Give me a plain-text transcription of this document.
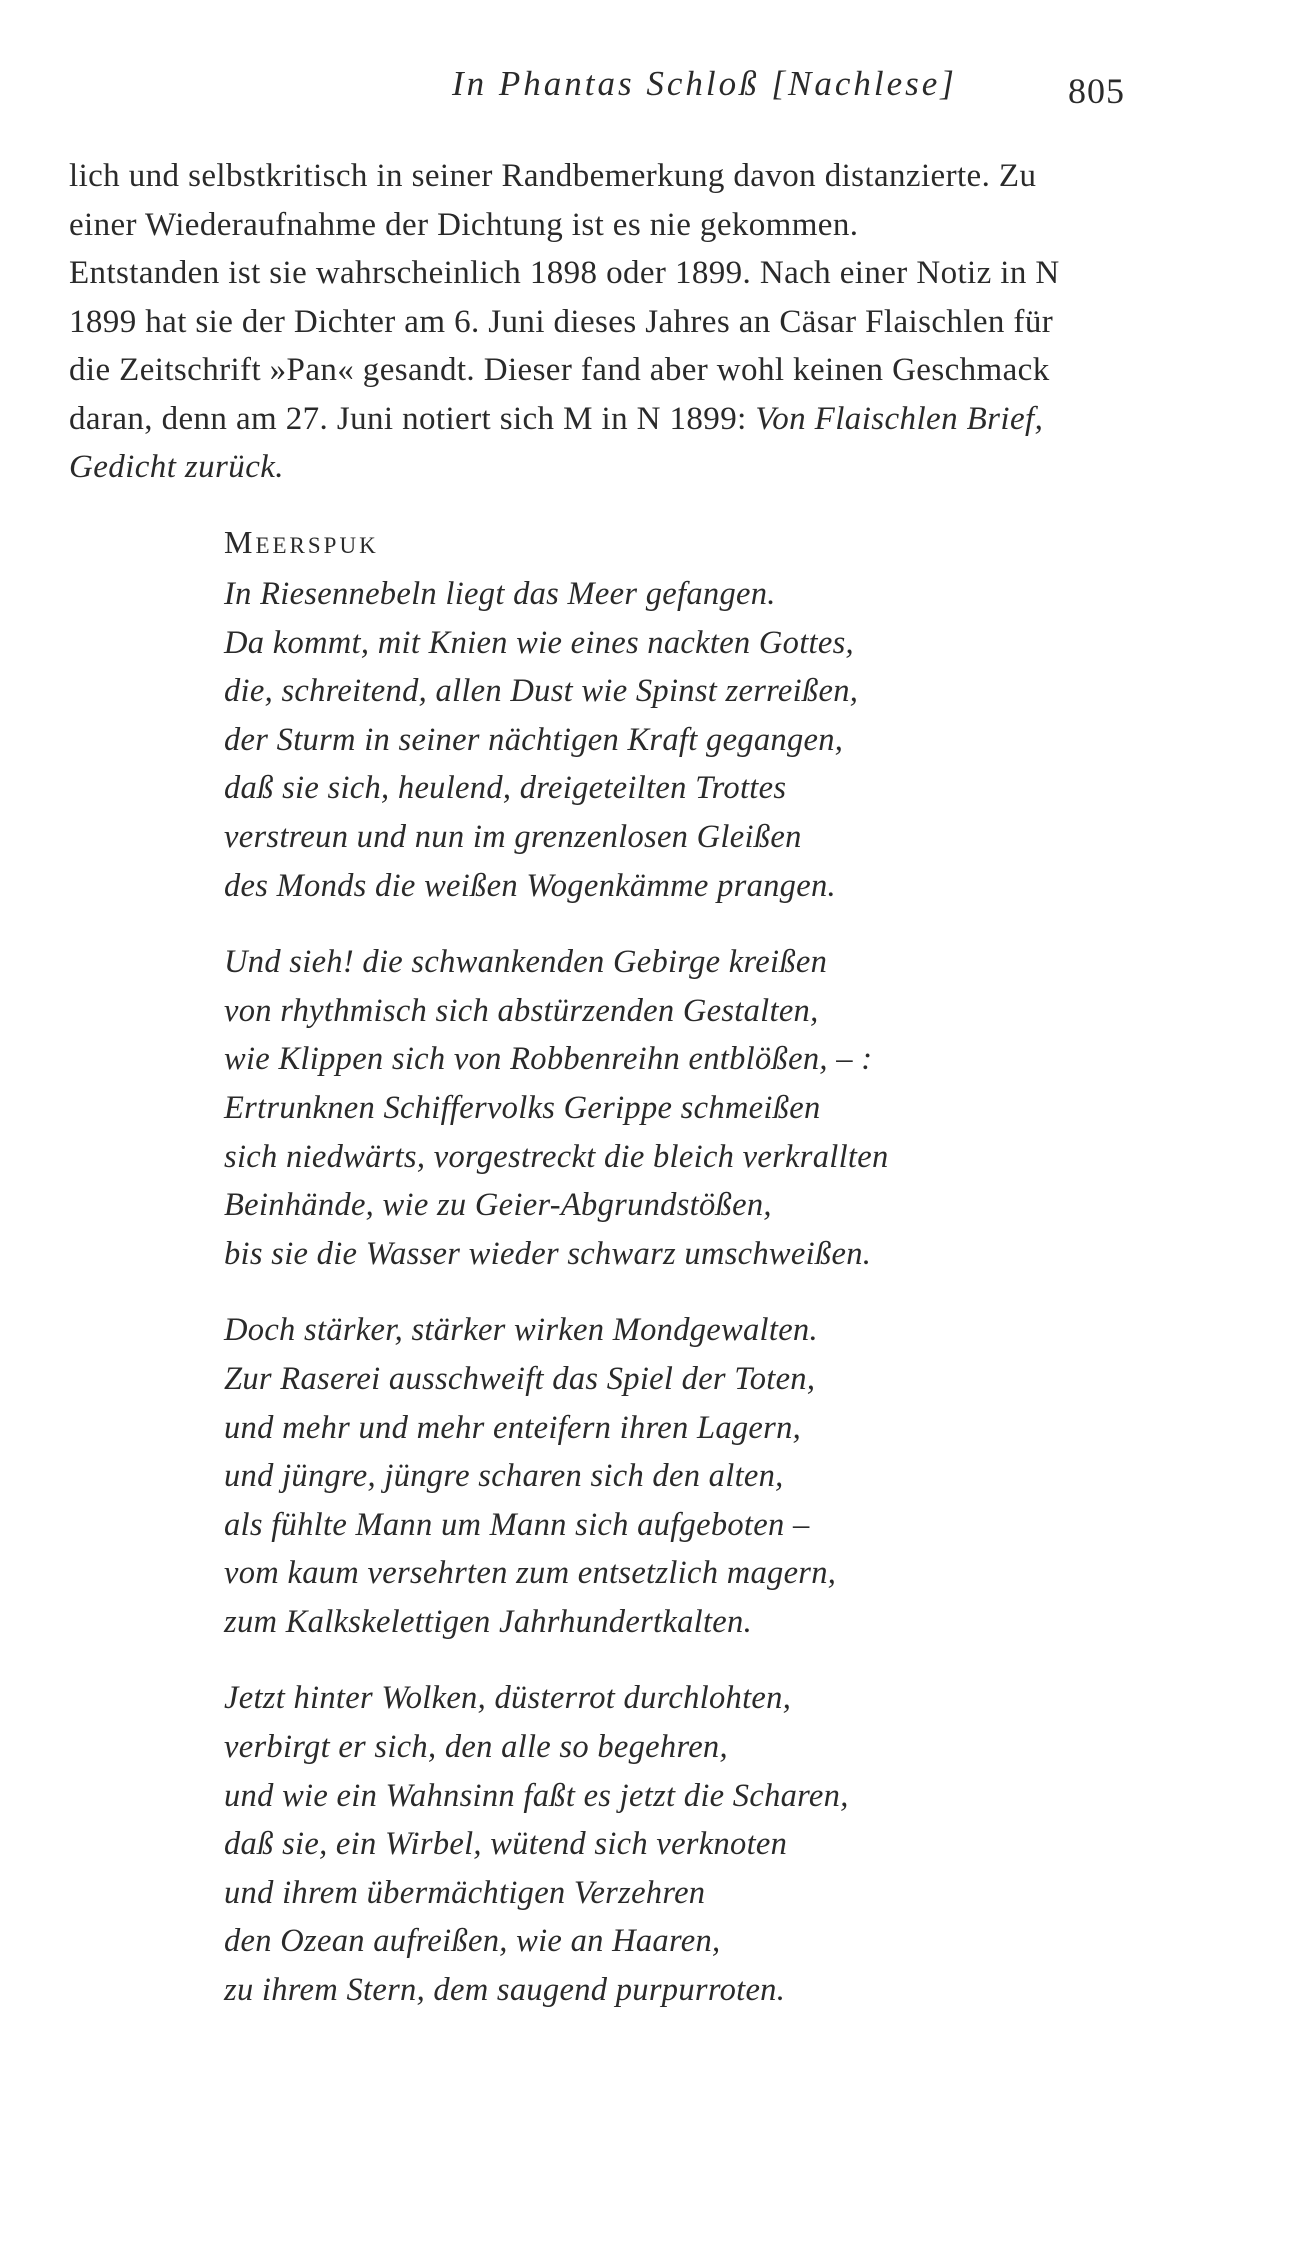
In Phantas Schloß [Nachlese]	805
lich und selbstkritisch in seiner Randbemerkung davon distanzierte. Zu
einer Wiederaufnahme der Dichtung ist es nie gekommen.
Entstanden ist sie wahrscheinlich 1898 oder 1899. Nach einer Notiz in N
1899 hat sie der Dichter am 6. Juni dieses Jahres an Cäsar Flaischlen für
die Zeitschrift »Pan« gesandt. Dieser fand aber wohl keinen Geschmack
daran, denn am 27. Juni notiert sich M in N 1899: Von Flaischlen Brief,
Gedicht zurück.
MEERSPUK
In Riesennebeln liegt das Meer gefangen.
Da kommt, mit Knien wie eines nackten Gottes,
die, schreitend, allen Dust wie Spinst zerreißen,
der Sturm in seiner nächtigen Kraft gegangen,
daß sie sich, heulend, dreigeteilten Trottes
verstreun und nun im grenzenlosen Gleißen
des Monds die weißen Wogenkämme prangen.
Und sieh! die schwankenden Gebirge kreißen
von rhythmisch sich abstürzenden Gestalten,
wie Klippen sich von Robbenreihn entblößen, – :
Ertrunknen Schiffervolks Gerippe schmeißen
sich niedwärts, vorgestreckt die bleich verkrallten
Beinhände, wie zu Geier-Abgrundstößen,
bis sie die Wasser wieder schwarz umschweißen.
Doch stärker, stärker wirken Mondgewalten.
Zur Raserei ausschweift das Spiel der Toten,
und mehr und mehr enteifern ihren Lagern,
und jüngre, jüngre scharen sich den alten,
als fühlte Mann um Mann sich aufgeboten –
vom kaum versehrten zum entsetzlich magern,
zum Kalkskelettigen Jahrhundertkalten.
Jetzt hinter Wolken, düsterrot durchlohten,
verbirgt er sich, den alle so begehren,
und wie ein Wahnsinn faßt es jetzt die Scharen,
daß sie, ein Wirbel, wütend sich verknoten
und ihrem übermächtigen Verzehren
den Ozean aufreißen, wie an Haaren,
zu ihrem Stern, dem saugend purpurroten.
